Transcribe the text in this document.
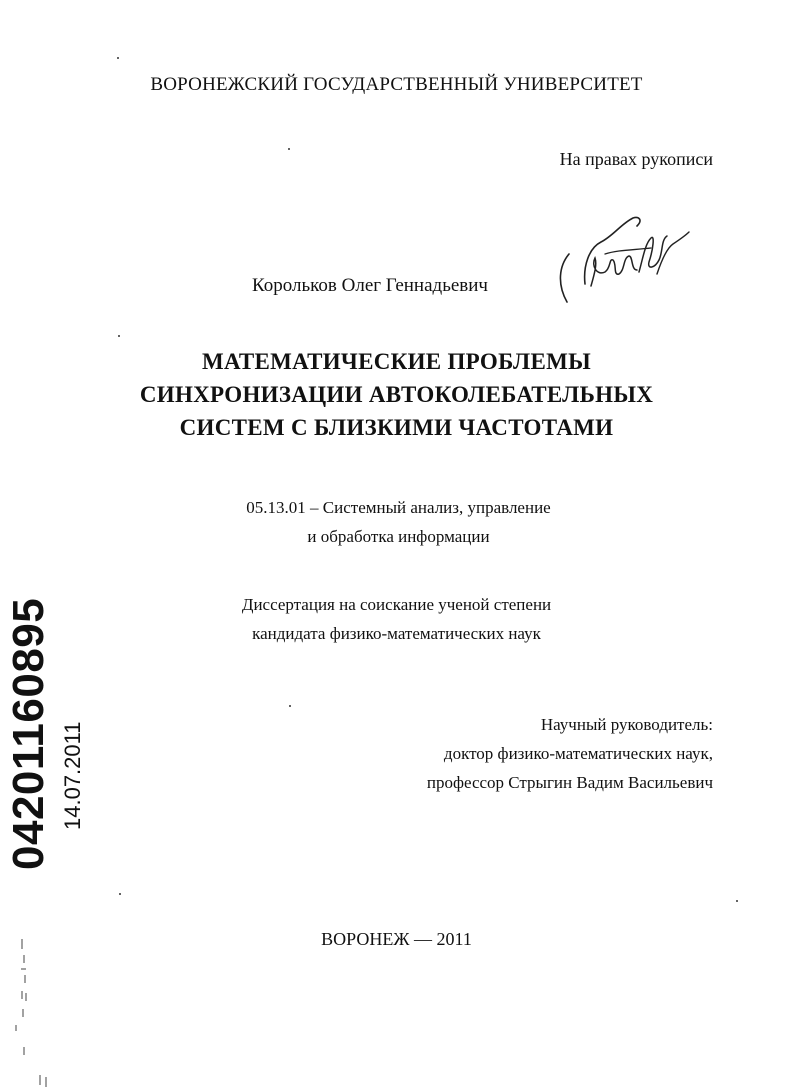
ВОРОНЕЖСКИЙ ГОСУДАРСТВЕННЫЙ УНИВЕРСИТЕТ
На правах рукописи
Корольков Олег Геннадьевич
МАТЕМАТИЧЕСКИЕ ПРОБЛЕМЫ
СИНХРОНИЗАЦИИ АВТОКОЛЕБАТЕЛЬНЫХ
СИСТЕМ С БЛИЗКИМИ ЧАСТОТАМИ
05.13.01 – Системный анализ, управление
и обработка информации
Диссертация на соискание ученой степени
кандидата физико-математических наук
Научный руководитель:
доктор физико-математических наук,
профессор Стрыгин Вадим Васильевич
ВОРОНЕЖ — 2011
04201160895 14.07.2011
